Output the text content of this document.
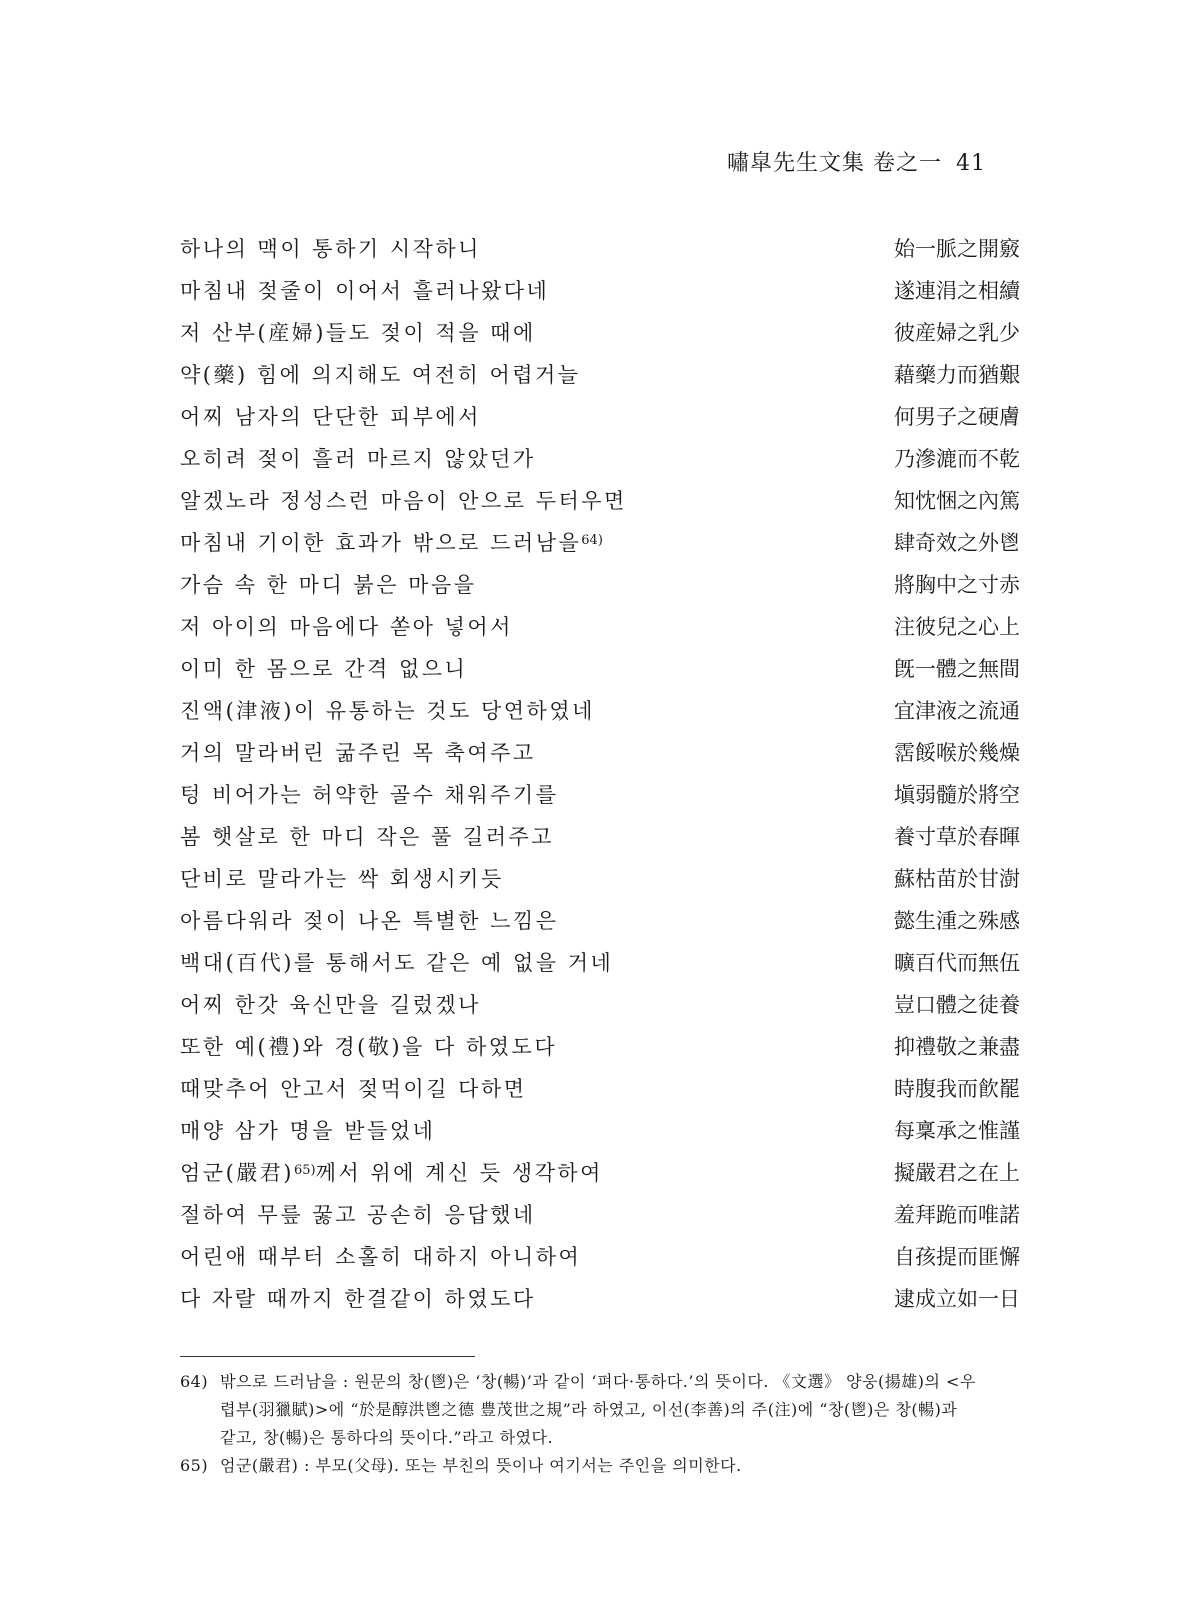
嘯皐先生文集 卷之一 41
하나의 맥이 통하기 시작하니	始一脈之開竅
마침내 젖줄이 이어서 흘러나왔다네	遂連涓之相續
저 산부(産婦)들도 젖이 적을 때에	彼産婦之乳少
약(藥) 힘에 의지해도 여전히 어렵거늘	藉藥力而猶艱
어찌 남자의 단단한 피부에서	何男子之硬膚
오히려 젖이 흘러 마르지 않았던가	乃滲漉而不乾
알겠노라 정성스런 마음이 안으로 두터우면	知忱悃之內篤
마침내 기이한 효과가 밖으로 드러남을$^{64)}$	肆奇效之外鬯
가슴 속 한 마디 붉은 마음을	將胸中之寸赤
저 아이의 마음에다 쏟아 넣어서	注彼兒之心上
이미 한 몸으로 간격 없으니	旣一體之無間
진액(津液)이 유통하는 것도 당연하였네	宜津液之流通
거의 말라버린 굶주린 목 축여주고	霑餒喉於幾燥
텅 비어가는 허약한 골수 채워주기를	塡弱髓於將空
봄 햇살로 한 마디 작은 풀 길러주고	養寸草於春暉
단비로 말라가는 싹 회생시키듯	蘇枯苗於甘澍
아름다워라 젖이 나온 특별한 느낌은	懿生湩之殊感
백대(百代)를 통해서도 같은 예 없을 거네	曠百代而無伍
어찌 한갓 육신만을 길렀겠나	豈口體之徒養
또한 예(禮)와 경(敬)을 다 하였도다	抑禮敬之兼盡
때맞추어 안고서 젖먹이길 다하면	時腹我而飮罷
매양 삼가 명을 받들었네	每稟承之惟謹
엄군(嚴君)$^{65)}$께서 위에 계신 듯 생각하여	擬嚴君之在上
절하여 무릎 꿇고 공손히 응답했네	羞拜跪而唯諾
어린애 때부터 소홀히 대하지 아니하여	自孩提而匪懈
다 자랄 때까지 한결같이 하였도다	逮成立如一日
64) 밖으로 드러남을 : 원문의 창(鬯)은 ‘창(暢)’과 같이 ‘펴다⋅통하다.’의 뜻이다. 《文選》 양웅(揚雄)의 <우

렵부(羽獵賦)>에 “於是醇洪鬯之德 豊茂世之規”라 하였고, 이선(李善)의 주(注)에 “창(鬯)은 창(暢)과

같고, 창(暢)은 통하다의 뜻이다.”라고 하였다.

65) 엄군(嚴君) : 부모(父母). 또는 부친의 뜻이나 여기서는 주인을 의미한다.
